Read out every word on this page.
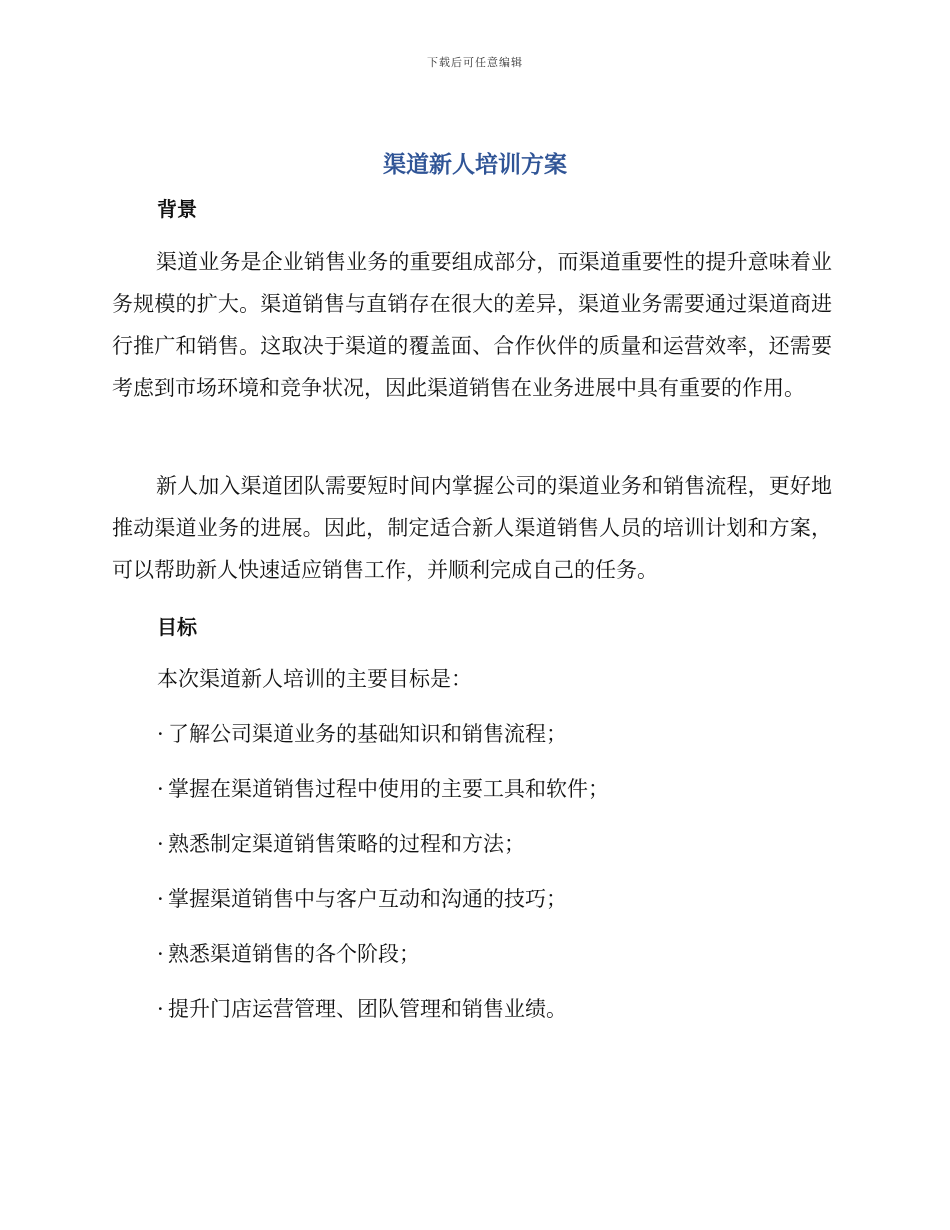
下载后可任意编辑
渠道新人培训方案
背景

渠道业务是企业销售业务的重要组成部分，而渠道重要性的提升意味着业务规模的扩大。渠道销售与直销存在很大的差异，渠道业务需要通过渠道商进行推广和销售。这取决于渠道的覆盖面、合作伙伴的质量和运营效率，还需要考虑到市场环境和竞争状况，因此渠道销售在业务进展中具有重要的作用。

新人加入渠道团队需要短时间内掌握公司的渠道业务和销售流程，更好地推动渠道业务的进展。因此，制定适合新人渠道销售人员的培训计划和方案，可以帮助新人快速适应销售工作，并顺利完成自己的任务。

目标

本次渠道新人培训的主要目标是：

· 了解公司渠道业务的基础知识和销售流程；
· 掌握在渠道销售过程中使用的主要工具和软件；
· 熟悉制定渠道销售策略的过程和方法；
· 掌握渠道销售中与客户互动和沟通的技巧；
· 熟悉渠道销售的各个阶段；
· 提升门店运营管理、团队管理和销售业绩。
